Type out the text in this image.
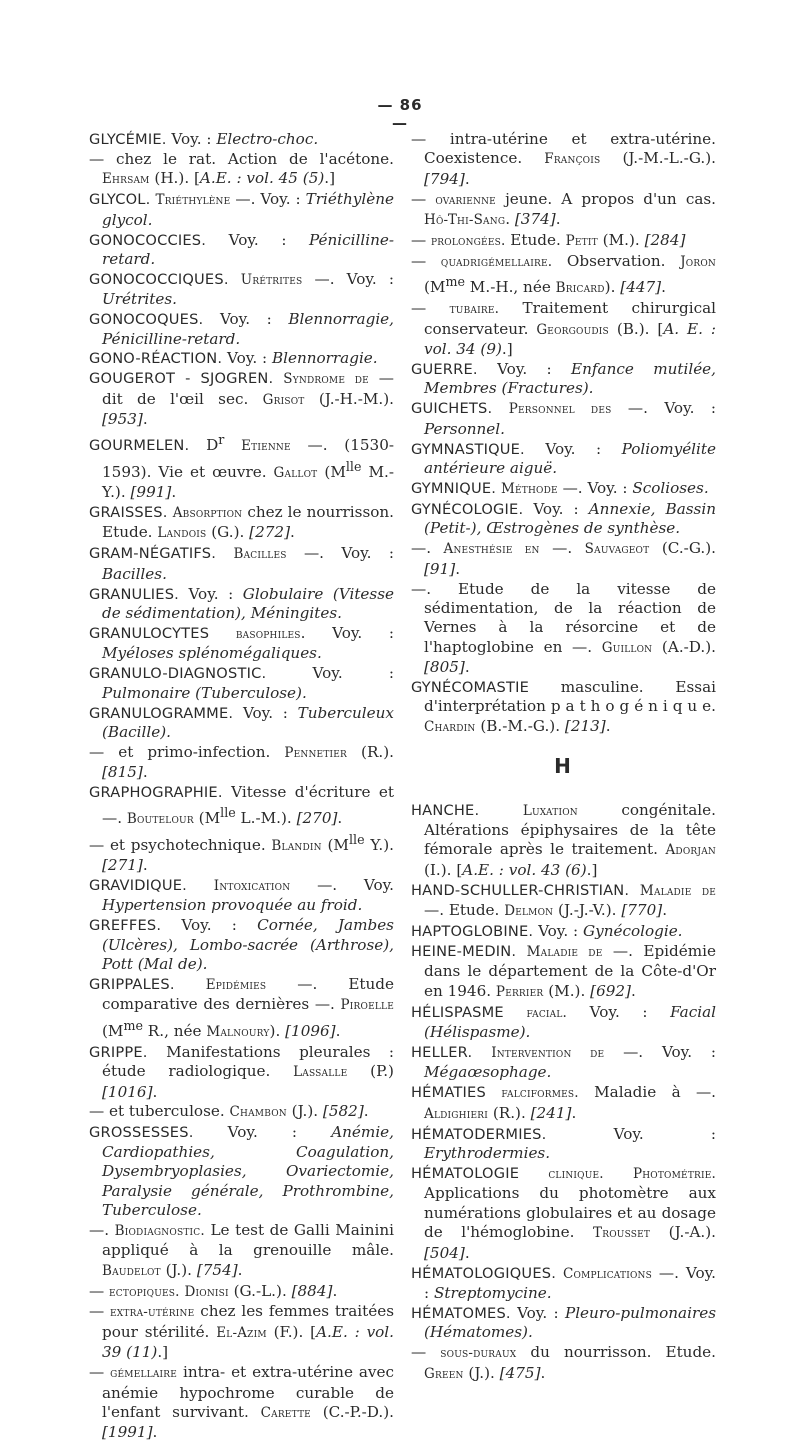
— 86 —

GLYCÉMIE. Voy. : Electro-choc.

— chez le rat. Action de l'acétone. Ehrsam (H.). [A.E. : vol. 45 (5).]

GLYCOL. Triéthylène —. Voy. : Triéthylène glycol.

GONOCOCCIES. Voy. : Pénicilline-retard.

GONOCOCCIQUES. Urétrites —. Voy. : Urétrites.

GONOCOQUES. Voy. : Blennorragie, Pénicilline-retard.

GONO-RÉACTION. Voy. : Blennorragie.

GOUGEROT - SJOGREN. Syndrome de — dit de l'œil sec. Grisot (J.-H.-M.). [953].

GOURMELEN. $D^r$ Etienne —. (1530-1593). Vie et œuvre. Gallot ($M^{lle}$ M.-Y.). [991].

GRAISSES. Absorption chez le nourrisson. Etude. Landois (G.). [272].

GRAM-NÉGATIFS. Bacilles —. Voy. : Bacilles.

GRANULIES. Voy. : Globulaire (Vitesse de sédimentation), Méningites.

GRANULOCYTES basophiles. Voy. : Myéloses splénomégaliques.

GRANULO-DIAGNOSTIC. Voy. : Pulmonaire (Tuberculose).

GRANULOGRAMME. Voy. : Tuberculeux (Bacille).

— et primo-infection. Pennetier (R.). [815].

GRAPHOGRAPHIE. Vitesse d'écriture et —. Boutelour ($M^{lle}$ L.-M.). [270].

— et psychotechnique. Blandin ($M^{lle}$ Y.). [271].

GRAVIDIQUE. Intoxication —. Voy. Hypertension provoquée au froid.

GREFFES. Voy. : Cornée, Jambes (Ulcères), Lombo-sacrée (Arthrose), Pott (Mal de).

GRIPPALES. Epidémies —. Etude comparative des dernières —. Piroelle ($M^{me}$ R., née Malnoury). [1096].

GRIPPE. Manifestations pleurales : étude radiologique. Lassalle (P.) [1016].

— et tuberculose. Chambon (J.). [582].

GROSSESSES. Voy. : Anémie, Cardiopathies, Coagulation, Dysembryoplasies, Ovariectomie, Paralysie générale, Prothrombine, Tuberculose.

—. Biodiagnostic. Le test de Galli Mainini appliqué à la grenouille mâle. Baudelot (J.). [754].

— ectopiques. Dionisi (G.-L.). [884].

— extra-utérine chez les femmes traitées pour stérilité. El-Azim (F.). [A.E. : vol. 39 (11).]

— gémellaire intra- et extra-utérine avec anémie hypochrome curable de l'enfant survivant. Carette (C.-P.-D.). [1991].

— intra-utérine et extra-utérine. Coexistence. François (J.-M.-L.-G.). [794].

— ovarienne jeune. A propos d'un cas. Hô-Thi-Sang. [374].

— prolongées. Etude. Petit (M.). [284]

— quadrigémellaire. Observation. Joron ($M^{me}$ M.-H., née Bricard). [447].

— tubaire. Traitement chirurgical conservateur. Georgoudis (B.). [A. E. : vol. 34 (9).]

GUERRE. Voy. : Enfance mutilée, Membres (Fractures).

GUICHETS. Personnel des —. Voy. : Personnel.

GYMNASTIQUE. Voy. : Poliomyélite antérieure aiguë.

GYMNIQUE. Méthode —. Voy. : Scolioses.

GYNÉCOLOGIE. Voy. : Annexie, Bassin (Petit-), Œstrogènes de synthèse.

—. Anesthésie en —. Sauvageot (C.-G.). [91].

—. Etude de la vitesse de sédimentation, de la réaction de Vernes à la résorcine et de l'haptoglobine en —. Guillon (A.-D.). [805].

GYNÉCOMASTIE masculine. Essai d'interprétation p a t h o g é n i q u e. Chardin (B.-M.-G.). [213].

H

HANCHE.	Luxation congénitale. Altérations épiphysaires de la tête fémorale après le traitement. Adorjan (I.). [A.E. : vol. 43 (6).]

HAND-SCHULLER-CHRISTIAN. Maladie de —. Etude. Delmon (J.-J.-V.). [770].

HAPTOGLOBINE. Voy. : Gynécologie.

HEINE-MEDIN. Maladie de —. Epidémie dans le département de la Côte-d'Or en 1946. Perrier (M.). [692].

HÉLISPASME facial. Voy. : Facial (Hélispasme).

HELLER. Intervention de —. Voy. : Mégaœsophage.

HÉMATIES falciformes. Maladie à —. Aldighieri (R.). [241].

HÉMATODERMIES. Voy. : Erythrodermies.

HÉMATOLOGIE clinique. Photométrie. Applications du photomètre aux numérations globulaires et au dosage de l'hémoglobine. Trousset (J.-A.). [504].

HÉMATOLOGIQUES. Complications —. Voy. : Streptomycine.

HÉMATOMES. Voy. : Pleuro-pulmonaires (Hématomes).

— sous-duraux du nourrisson. Etude. Green (J.). [475].
